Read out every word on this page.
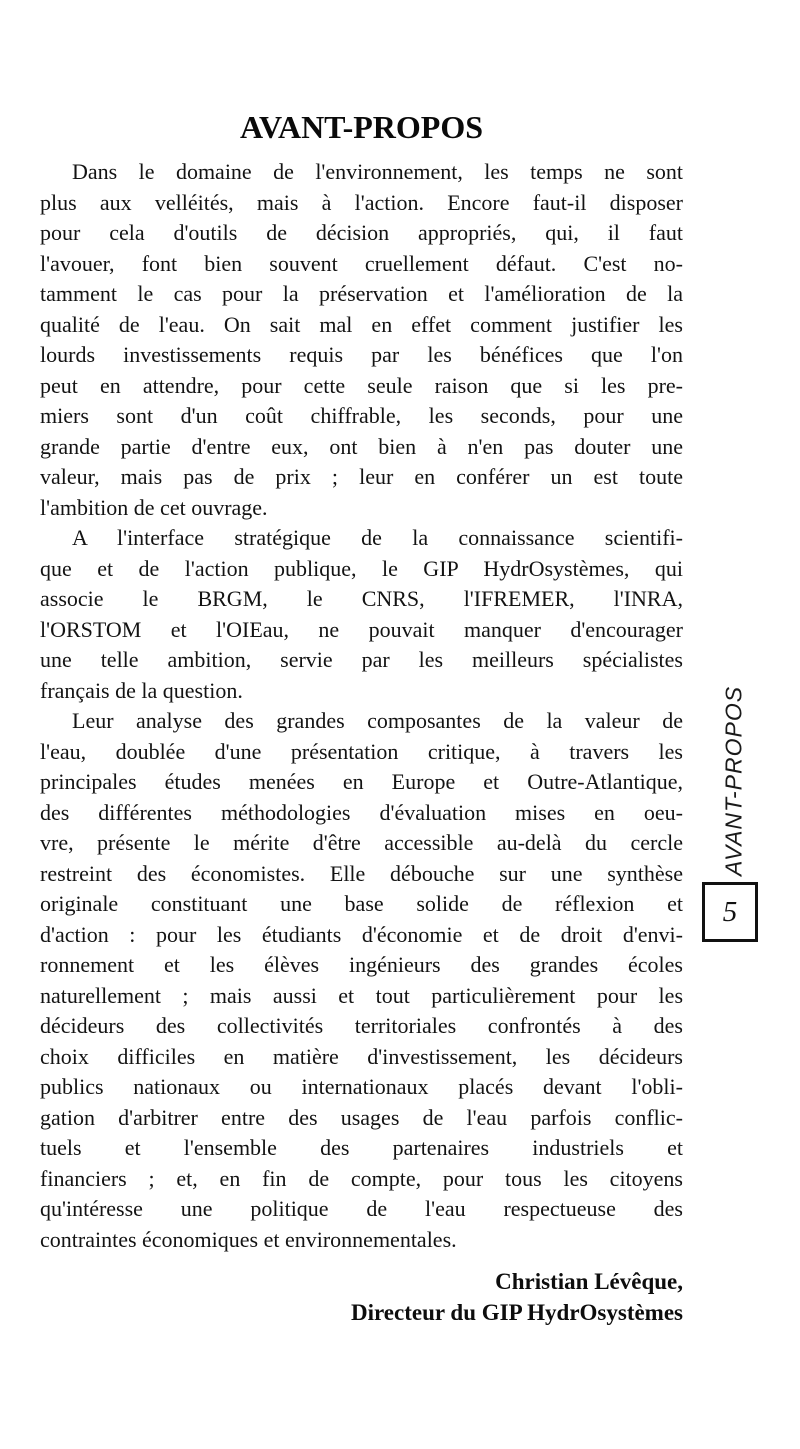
AVANT-PROPOS
Dans le domaine de l'environnement, les temps ne sont
plus aux velléités, mais à l'action. Encore faut-il disposer
pour cela d'outils de décision appropriés, qui, il faut
l'avouer, font bien souvent cruellement défaut. C'est no-
tamment le cas pour la préservation et l'amélioration de la
qualité de l'eau. On sait mal en effet comment justifier les
lourds investissements requis par les bénéfices que l'on
peut en attendre, pour cette seule raison que si les pre-
miers sont d'un coût chiffrable, les seconds, pour une
grande partie d'entre eux, ont bien à n'en pas douter une
valeur, mais pas de prix ; leur en conférer un est toute
l'ambition de cet ouvrage.
A l'interface stratégique de la connaissance scientifi-
que et de l'action publique, le GIP HydrOsystèmes, qui
associe le BRGM, le CNRS, l'IFREMER, l'INRA,
l'ORSTOM et l'OIEau, ne pouvait manquer d'encourager
une telle ambition, servie par les meilleurs spécialistes
français de la question.
Leur analyse des grandes composantes de la valeur de
l'eau, doublée d'une présentation critique, à travers les
principales études menées en Europe et Outre-Atlantique,
des différentes méthodologies d'évaluation mises en oeu-
vre, présente le mérite d'être accessible au-delà du cercle
restreint des économistes. Elle débouche sur une synthèse
originale constituant une base solide de réflexion et
d'action : pour les étudiants d'économie et de droit d'envi-
ronnement et les élèves ingénieurs des grandes écoles
naturellement ; mais aussi et tout particulièrement pour les
décideurs des collectivités territoriales confrontés à des
choix difficiles en matière d'investissement, les décideurs
publics nationaux ou internationaux placés devant l'obli-
gation d'arbitrer entre des usages de l'eau parfois conflic-
tuels et l'ensemble des partenaires industriels et
financiers ; et, en fin de compte, pour tous les citoyens
qu'intéresse une politique de l'eau respectueuse des
contraintes économiques et environnementales.
Christian Lévêque,
Directeur du GIP HydrOsystèmes
AVANT-PROPOS
5
